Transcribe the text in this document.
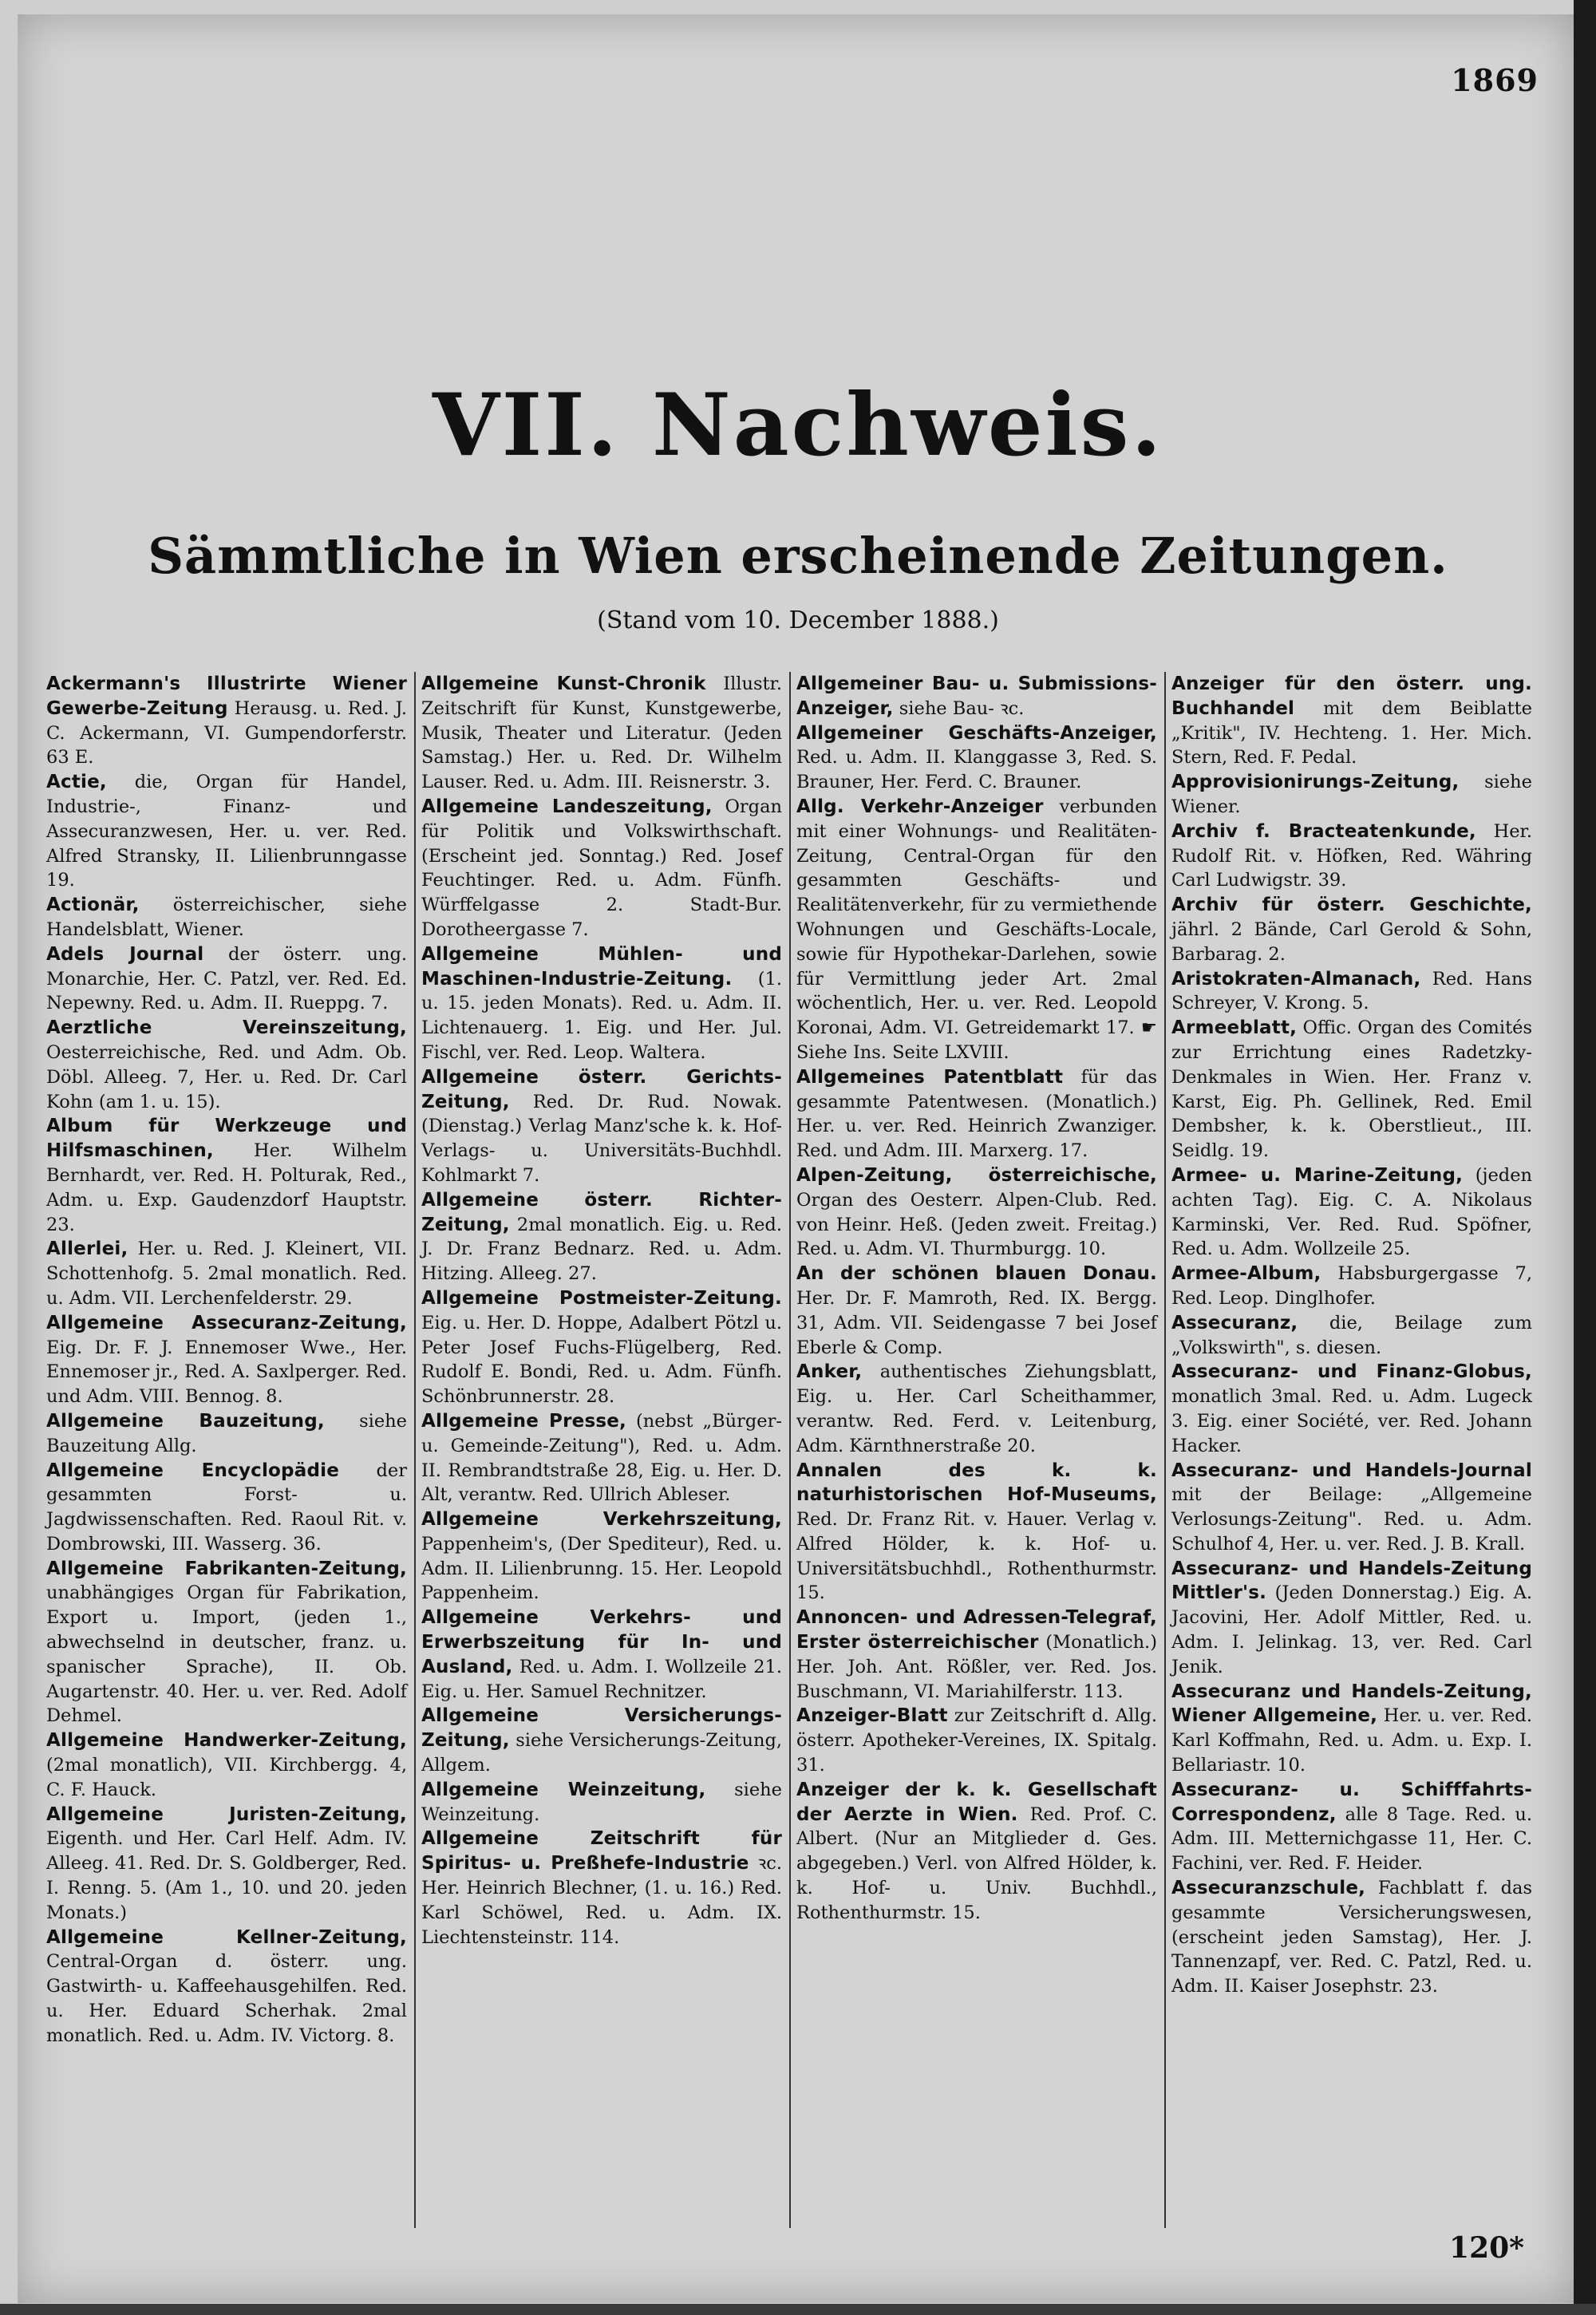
1869
VII. Nachweis.
Sämmtliche in Wien erscheinende Zeitungen.
(Stand vom 10. December 1888.)

Ackermann's Illustrirte Wiener Gewerbe-Zeitung Herausg. u. Red. J. C. Ackermann, VI. Gumpendorferstr. 63 E.

Actie, die, Organ für Handel, Industrie-, Finanz- und Assecuranzwesen, Her. u. ver. Red. Alfred Stransky, II. Lilienbrunngasse 19.

Actionär, österreichischer, siehe Handelsblatt, Wiener.

Adels Journal der österr. ung. Monarchie, Her. C. Patzl, ver. Red. Ed. Nepewny. Red. u. Adm. II. Rueppg. 7.

Aerztliche Vereinszeitung, Oesterreichische, Red. und Adm. Ob. Döbl. Alleeg. 7, Her. u. Red. Dr. Carl Kohn (am 1. u. 15).

Album für Werkzeuge und Hilfsmaschinen, Her. Wilhelm Bernhardt, ver. Red. H. Polturak, Red., Adm. u. Exp. Gaudenzdorf Hauptstr. 23.

Allerlei, Her. u. Red. J. Kleinert, VII. Schottenhofg. 5. 2mal monatlich. Red. u. Adm. VII. Lerchenfelderstr. 29.

Allgemeine Assecuranz-Zeitung, Eig. Dr. F. J. Ennemoser Wwe., Her. Ennemoser jr., Red. A. Saxlperger. Red. und Adm. VIII. Bennog. 8.

Allgemeine Bauzeitung, siehe Bauzeitung Allg.

Allgemeine Encyclopädie der gesammten Forst- u. Jagdwissenschaften. Red. Raoul Rit. v. Dombrowski, III. Wasserg. 36.

Allgemeine Fabrikanten-Zeitung, unabhängiges Organ für Fabrikation, Export u. Import, (jeden 1., abwechselnd in deutscher, franz. u. spanischer Sprache), II. Ob. Augartenstr. 40. Her. u. ver. Red. Adolf Dehmel.

Allgemeine Handwerker-Zeitung, (2mal monatlich), VII. Kirchbergg. 4, C. F. Hauck.

Allgemeine Juristen-Zeitung, Eigenth. und Her. Carl Helf. Adm. IV. Alleeg. 41. Red. Dr. S. Goldberger, Red. I. Renng. 5. (Am 1., 10. und 20. jeden Monats.)

Allgemeine Kellner-Zeitung, Central-Organ d. österr. ung. Gastwirth- u. Kaffeehausgehilfen. Red. u. Her. Eduard Scherhak. 2mal monatlich. Red. u. Adm. IV. Victorg. 8.

Allgemeine Kunst-Chronik Illustr. Zeitschrift für Kunst, Kunstgewerbe, Musik, Theater und Literatur. (Jeden Samstag.) Her. u. Red. Dr. Wilhelm Lauser. Red. u. Adm. III. Reisnerstr. 3.

Allgemeine Landeszeitung, Organ für Politik und Volkswirthschaft. (Erscheint jed. Sonntag.) Red. Josef Feuchtinger. Red. u. Adm. Fünfh. Würffelgasse 2. Stadt-Bur. Dorotheergasse 7.

Allgemeine Mühlen- und Maschinen-Industrie-Zeitung. (1. u. 15. jeden Monats). Red. u. Adm. II. Lichtenauerg. 1. Eig. und Her. Jul. Fischl, ver. Red. Leop. Waltera.

Allgemeine österr. Gerichts-Zeitung, Red. Dr. Rud. Nowak. (Dienstag.) Verlag Manz'sche k. k. Hof-Verlags- u. Universitäts-Buchhdl. Kohlmarkt 7.

Allgemeine österr. Richter-Zeitung, 2mal monatlich. Eig. u. Red. J. Dr. Franz Bednarz. Red. u. Adm. Hitzing. Alleeg. 27.

Allgemeine Postmeister-Zeitung. Eig. u. Her. D. Hoppe, Adalbert Pötzl u. Peter Josef Fuchs-Flügelberg, Red. Rudolf E. Bondi, Red. u. Adm. Fünfh. Schönbrunnerstr. 28.

Allgemeine Presse, (nebst „Bürger- u. Gemeinde-Zeitung"), Red. u. Adm. II. Rembrandtstraße 28, Eig. u. Her. D. Alt, verantw. Red. Ullrich Ableser.

Allgemeine Verkehrszeitung, Pappenheim's, (Der Spediteur), Red. u. Adm. II. Lilienbrunng. 15. Her. Leopold Pappenheim.

Allgemeine Verkehrs- und Erwerbszeitung für In- und Ausland, Red. u. Adm. I. Wollzeile 21. Eig. u. Her. Samuel Rechnitzer.

Allgemeine Versicherungs-Zeitung, siehe Versicherungs-Zeitung, Allgem.

Allgemeine Weinzeitung, siehe Weinzeitung.

Allgemeine Zeitschrift für Spiritus- u. Preßhefe-Industrie ꝛc. Her. Heinrich Blechner, (1. u. 16.) Red. Karl Schöwel, Red. u. Adm. IX. Liechtensteinstr. 114.

Allgemeiner Bau- u. Submissions-Anzeiger, siehe Bau- ꝛc.

Allgemeiner Geschäfts-Anzeiger, Red. u. Adm. II. Klanggasse 3, Red. S. Brauner, Her. Ferd. C. Brauner.

Allg. Verkehr-Anzeiger verbunden mit einer Wohnungs- und Realitäten-Zeitung, Central-Organ für den gesammten Geschäfts- und Realitätenverkehr, für zu vermiethende Wohnungen und Geschäfts-Locale, sowie für Hypothekar-Darlehen, sowie für Vermittlung jeder Art. 2mal wöchentlich, Her. u. ver. Red. Leopold Koronai, Adm. VI. Getreidemarkt 17. ☛ Siehe Ins. Seite LXVIII.

Allgemeines Patentblatt für das gesammte Patentwesen. (Monatlich.) Her. u. ver. Red. Heinrich Zwanziger. Red. und Adm. III. Marxerg. 17.

Alpen-Zeitung, österreichische, Organ des Oesterr. Alpen-Club. Red. von Heinr. Heß. (Jeden zweit. Freitag.) Red. u. Adm. VI. Thurmburgg. 10.

An der schönen blauen Donau. Her. Dr. F. Mamroth, Red. IX. Bergg. 31, Adm. VII. Seidengasse 7 bei Josef Eberle & Comp.

Anker, authentisches Ziehungsblatt, Eig. u. Her. Carl Scheithammer, verantw. Red. Ferd. v. Leitenburg, Adm. Kärnthnerstraße 20.

Annalen des k. k. naturhistorischen Hof-Museums, Red. Dr. Franz Rit. v. Hauer. Verlag v. Alfred Hölder, k. k. Hof- u. Universitätsbuchhdl., Rothenthurmstr. 15.

Annoncen- und Adressen-Telegraf, Erster österreichischer (Monatlich.) Her. Joh. Ant. Rößler, ver. Red. Jos. Buschmann, VI. Mariahilferstr. 113.

Anzeiger-Blatt zur Zeitschrift d. Allg. österr. Apotheker-Vereines, IX. Spitalg. 31.

Anzeiger der k. k. Gesellschaft der Aerzte in Wien. Red. Prof. C. Albert. (Nur an Mitglieder d. Ges. abgegeben.) Verl. von Alfred Hölder, k. k. Hof- u. Univ. Buchhdl., Rothenthurmstr. 15.

Anzeiger für den österr. ung. Buchhandel mit dem Beiblatte „Kritik", IV. Hechteng. 1. Her. Mich. Stern, Red. F. Pedal.

Approvisionirungs-Zeitung, siehe Wiener.

Archiv f. Bracteatenkunde, Her. Rudolf Rit. v. Höfken, Red. Währing Carl Ludwigstr. 39.

Archiv für österr. Geschichte, jährl. 2 Bände, Carl Gerold & Sohn, Barbarag. 2.

Aristokraten-Almanach, Red. Hans Schreyer, V. Krong. 5.

Armeeblatt, Offic. Organ des Comités zur Errichtung eines Radetzky-Denkmales in Wien. Her. Franz v. Karst, Eig. Ph. Gellinek, Red. Emil Dembsher, k. k. Oberstlieut., III. Seidlg. 19.

Armee- u. Marine-Zeitung, (jeden achten Tag). Eig. C. A. Nikolaus Karminski, Ver. Red. Rud. Spöfner, Red. u. Adm. Wollzeile 25.

Armee-Album, Habsburgergasse 7, Red. Leop. Dinglhofer.

Assecuranz, die, Beilage zum „Volkswirth", s. diesen.

Assecuranz- und Finanz-Globus, monatlich 3mal. Red. u. Adm. Lugeck 3. Eig. einer Société, ver. Red. Johann Hacker.

Assecuranz- und Handels-Journal mit der Beilage: „Allgemeine Verlosungs-Zeitung". Red. u. Adm. Schulhof 4, Her. u. ver. Red. J. B. Krall.

Assecuranz- und Handels-Zeitung Mittler's. (Jeden Donnerstag.) Eig. A. Jacovini, Her. Adolf Mittler, Red. u. Adm. I. Jelinkag. 13, ver. Red. Carl Jenik.

Assecuranz und Handels-Zeitung, Wiener Allgemeine, Her. u. ver. Red. Karl Koffmahn, Red. u. Adm. u. Exp. I. Bellariastr. 10.

Assecuranz- u. Schifffahrts-Correspondenz, alle 8 Tage. Red. u. Adm. III. Metternichgasse 11, Her. C. Fachini, ver. Red. F. Heider.

Assecuranzschule, Fachblatt f. das gesammte Versicherungswesen, (erscheint jeden Samstag), Her. J. Tannenzapf, ver. Red. C. Patzl, Red. u. Adm. II. Kaiser Josephstr. 23.

120*
